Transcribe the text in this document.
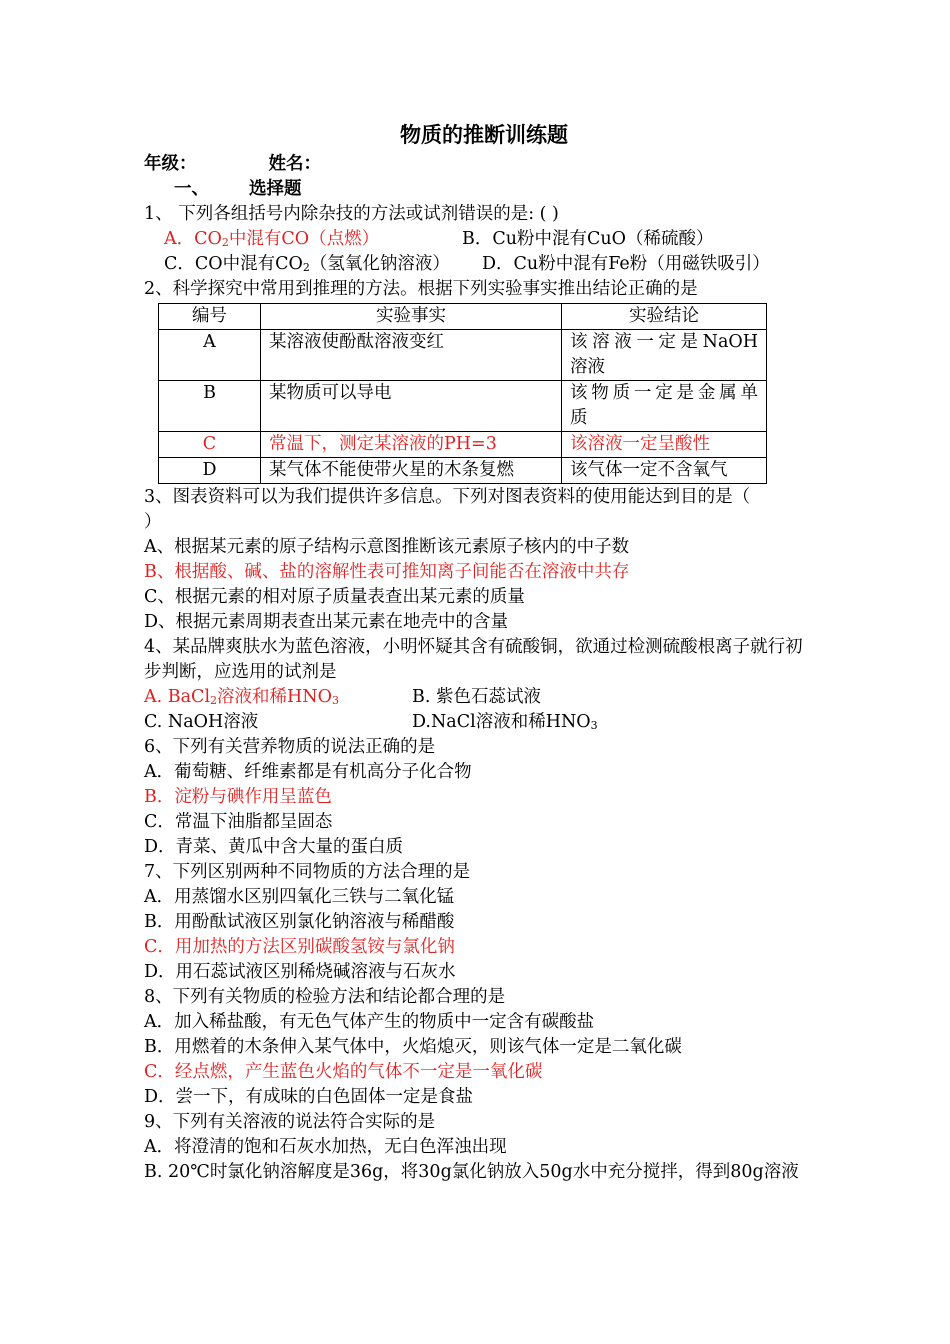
物质的推断训练题
年级：	姓名：
一、 选择题
1、 下列各组括号内除杂技的方法或试剂错误的是: ( )
A．$CO_2$中混有CO（点燃）	B．Cu粉中混有CuO（稀硫酸）
C．CO中混有$CO_2$（氢氧化钠溶液）	D．Cu粉中混有Fe粉（用磁铁吸引）
2、科学探究中常用到推理的方法。根据下列实验事实推出结论正确的是
编号	实验事实	实验结论
A	某溶液使酚酞溶液变红	该溶液一定是NaOH
溶液

B	某物质可以导电	该物质一定是金属单
质

C	常温下，测定某溶液的PH=3	该溶液一定呈酸性
D	某气体不能使带火星的木条复燃	该气体一定不含氧气
3、图表资料可以为我们提供许多信息。下列对图表资料的使用能达到目的是（
）
A、根据某元素的原子结构示意图推断该元素原子核内的中子数
B、根据酸、碱、盐的溶解性表可推知离子间能否在溶液中共存
C、根据元素的相对原子质量表查出某元素的质量
D、根据元素周期表查出某元素在地壳中的含量
4、某品牌爽肤水为蓝色溶液，小明怀疑其含有硫酸铜，欲通过检测硫酸根离子就行初步判断，应选用的试剂是
A. BaCl$_2$溶液和稀$HNO_3$	B. 紫色石蕊试液
C. NaOH溶液	D.NaCl溶液和稀$HNO_3$
6、下列有关营养物质的说法正确的是
A．葡萄糖、纤维素都是有机高分子化合物
B．淀粉与碘作用呈蓝色
C．常温下油脂都呈固态
D．青菜、黄瓜中含大量的蛋白质
7、下列区别两种不同物质的方法合理的是
A．用蒸馏水区别四氧化三铁与二氧化锰
B．用酚酞试液区别氯化钠溶液与稀醋酸
C．用加热的方法区别碳酸氢铵与氯化钠
D．用石蕊试液区别稀烧碱溶液与石灰水
8、下列有关物质的检验方法和结论都合理的是
A．加入稀盐酸，有无色气体产生的物质中一定含有碳酸盐
B．用燃着的木条伸入某气体中，火焰熄灭，则该气体一定是二氧化碳
C．经点燃，产生蓝色火焰的气体不一定是一氧化碳
D．尝一下，有成味的白色固体一定是食盐
9、下列有关溶液的说法符合实际的是
A．将澄清的饱和石灰水加热，无白色浑浊出现
B. 20℃时氯化钠溶解度是36g，将30g氯化钠放入50g水中充分搅拌，得到80g溶液
